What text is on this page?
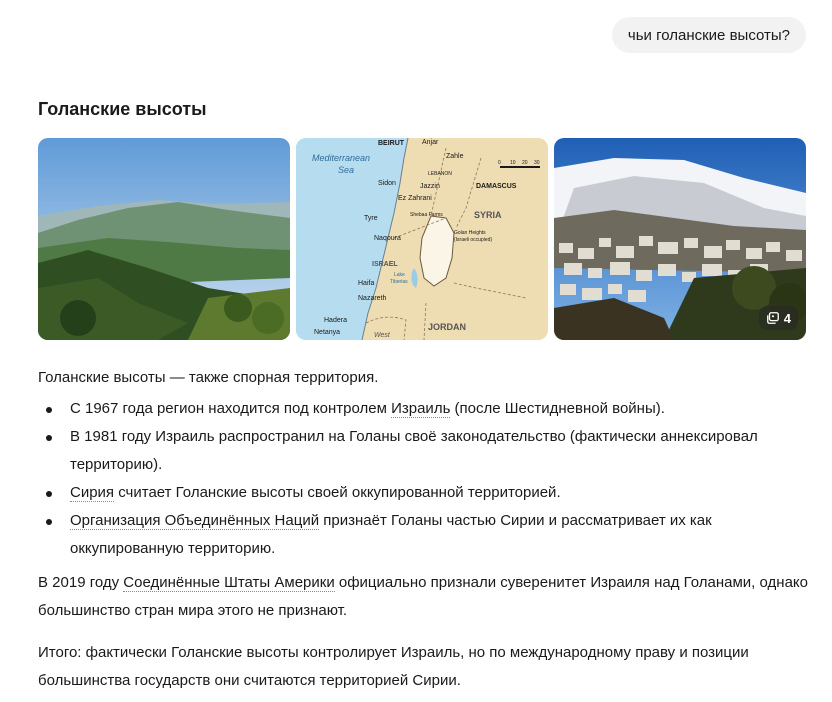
чьи голанские высоты?
Голанские высоты
BEIRUT	Anjar
Zahle
Mediterranean
Sea	LEBANON
Sidon	Jazzin
Ez Zahrani
DAMASCUS
SYRIA
Tyre	Shebaa Farms
Naqoura
Golan Heights
(Israeli occupied)
ISRAEL
Lake
Tiberias
Haifa
Nazareth
Hadera
Netanya
JORDAN
West
0 10 20 30
4

Голанские высоты — также спорная территория.

С 1967 года регион находится под контролем Израиль (после Шестидневной войны).
В 1981 году Израиль распространил на Голаны своё законодательство (фактически аннексировал территорию).
Сирия считает Голанские высоты своей оккупированной территорией.
Организация Объединённых Наций признаёт Голаны частью Сирии и рассматривает их как оккупированную территорию.

В 2019 году Соединённые Штаты Америки официально признали суверенитет Израиля над Голанами, однако большинство стран мира этого не признают.

Итого: фактически Голанские высоты контролирует Израиль, но по международному праву и позиции большинства государств они считаются территорией Сирии.
